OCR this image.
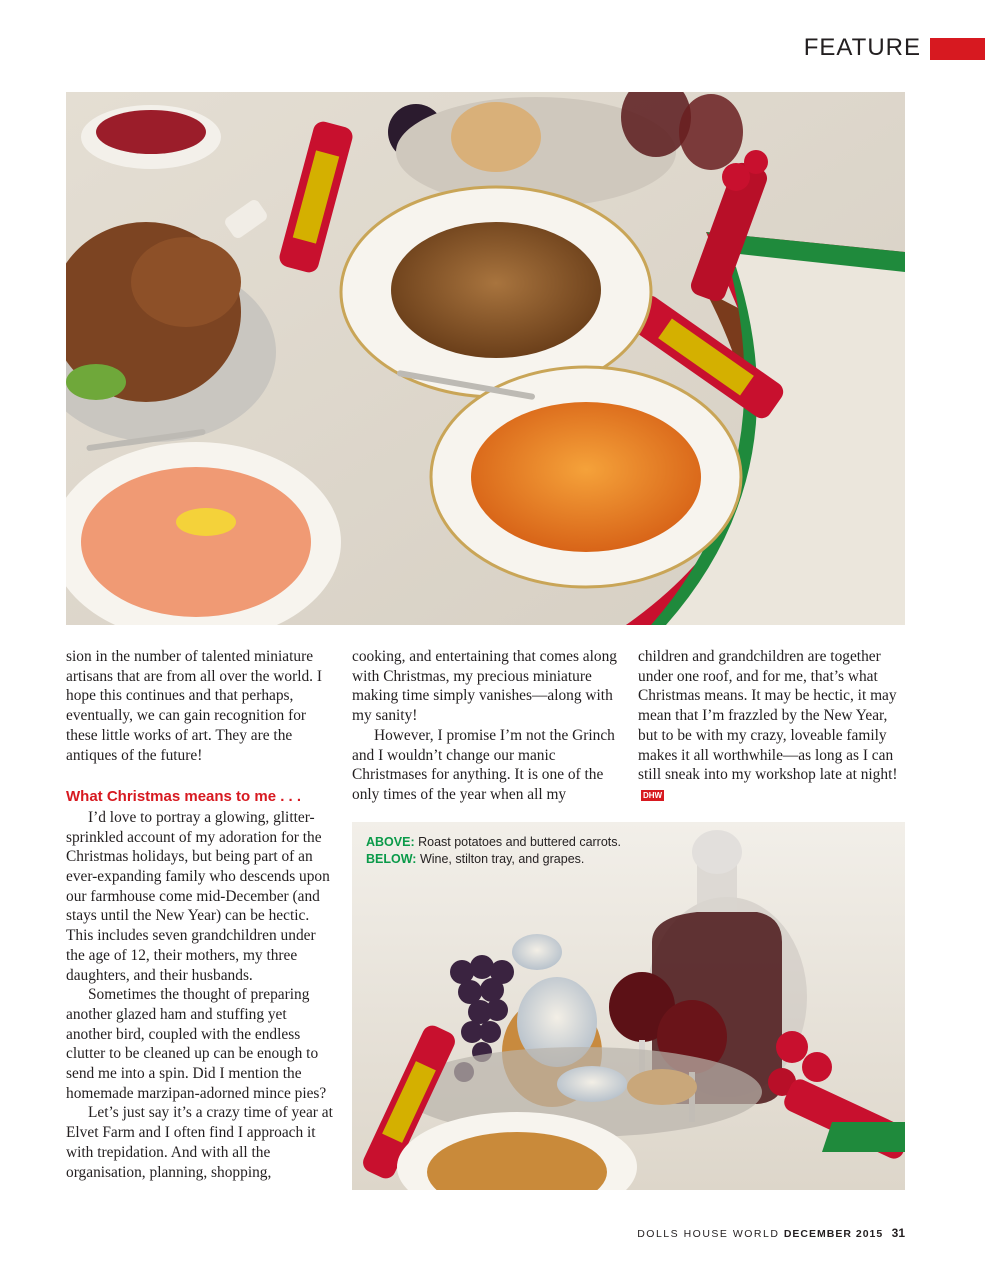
FEATURE

sion in the number of talented miniature artisans that are from all over the world. I hope this continues and that perhaps, eventually, we can gain recognition for these little works of art. They are the antiques of the future!

What Christmas means to me . . .

I’d love to portray a glowing, glitter-sprinkled account of my adoration for the Christmas holidays, but being part of an ever-expanding family who descends upon our farmhouse come mid-December (and stays until the New Year) can be hectic. This includes seven grandchildren under the age of 12, their mothers, my three daughters, and their husbands.

Sometimes the thought of preparing another glazed ham and stuffing yet another bird, coupled with the endless clutter to be cleaned up can be enough to send me into a spin. Did I mention the homemade marzipan-adorned mince pies?

Let’s just say it’s a crazy time of year at Elvet Farm and I often find I approach it with trepidation. And with all the organisation, planning, shopping,

cooking, and entertaining that comes along with Christmas, my precious miniature making time simply vanishes—along with my sanity!

However, I promise I’m not the Grinch and I wouldn’t change our manic Christmases for anything. It is one of the only times of the year when all my

children and grandchildren are together under one roof, and for me, that’s what Christmas means. It may be hectic, it may mean that I’m frazzled by the New Year, but to be with my crazy, loveable family makes it all worthwhile—as long as I can still sneak into my workshop late at night!DHW

ABOVE: Roast potatoes and buttered carrots.
BELOW: Wine, stilton tray, and grapes.
DOLLS HOUSE WORLD DECEMBER 2015 31
